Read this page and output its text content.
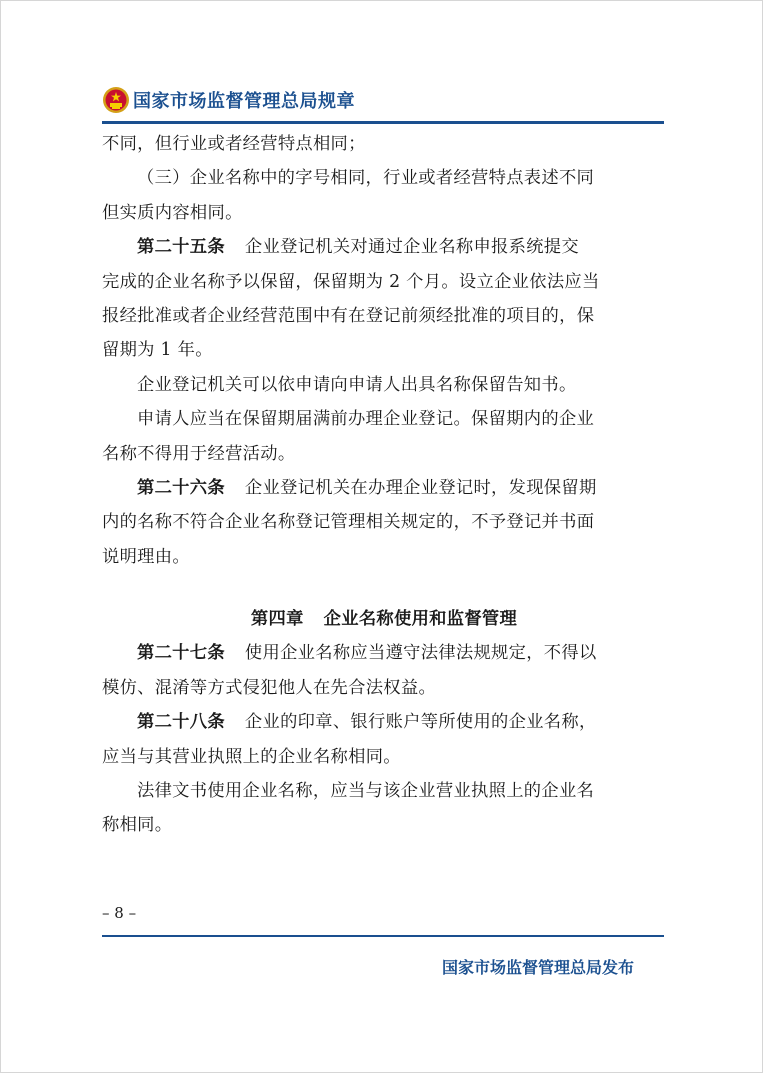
国家市场监督管理总局规章

不同，但行业或者经营特点相同；

（三）企业名称中的字号相同，行业或者经营特点表述不同

但实质内容相同。

第二十五条 企业登记机关对通过企业名称申报系统提交

完成的企业名称予以保留，保留期为 2 个月。设立企业依法应当

报经批准或者企业经营范围中有在登记前须经批准的项目的，保

留期为 1 年。

企业登记机关可以依申请向申请人出具名称保留告知书。

申请人应当在保留期届满前办理企业登记。保留期内的企业

名称不得用于经营活动。

第二十六条 企业登记机关在办理企业登记时，发现保留期

内的名称不符合企业名称登记管理相关规定的，不予登记并书面

说明理由。

第四章 企业名称使用和监督管理

第二十七条 使用企业名称应当遵守法律法规规定，不得以

模仿、混淆等方式侵犯他人在先合法权益。

第二十八条 企业的印章、银行账户等所使用的企业名称，

应当与其营业执照上的企业名称相同。

法律文书使用企业名称，应当与该企业营业执照上的企业名

称相同。

– 8 –
国家市场监督管理总局发布
